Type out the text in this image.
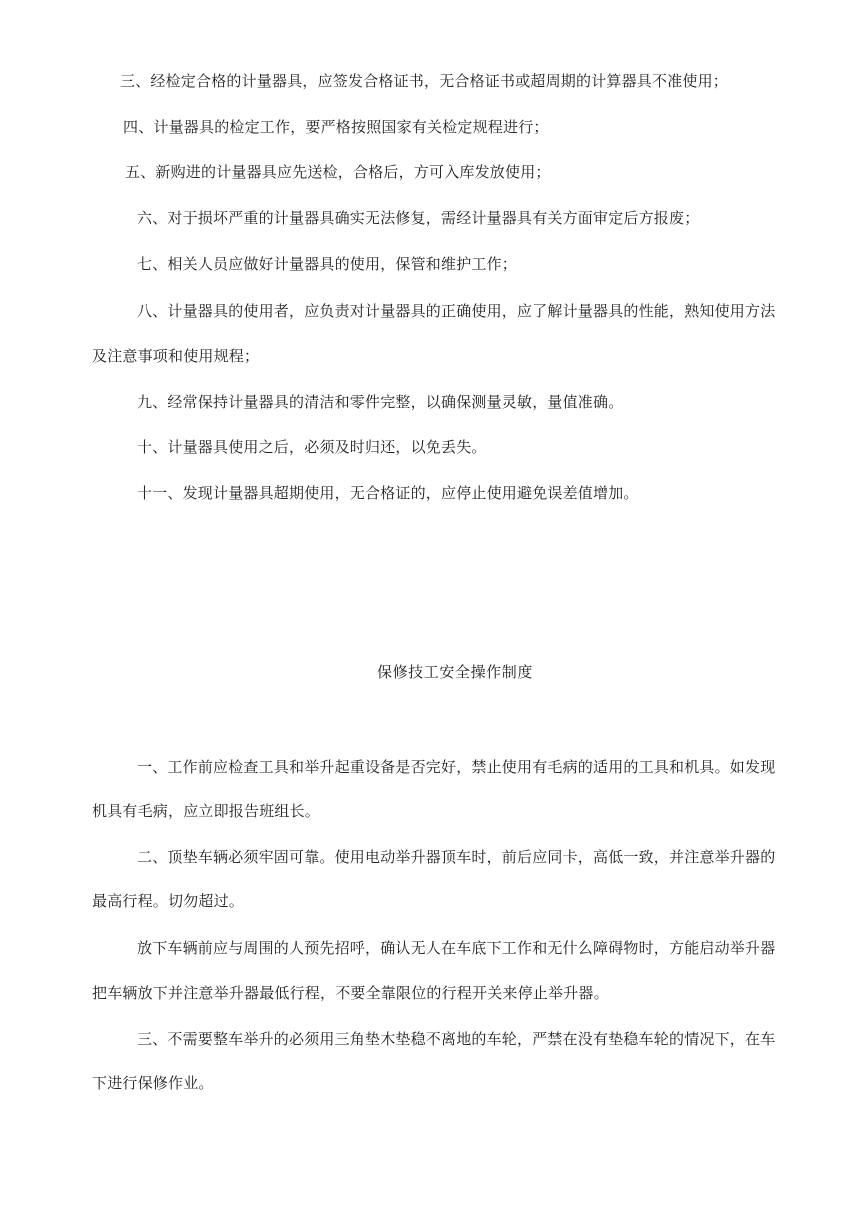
三、经检定合格的计量器具，应签发合格证书，无合格证书或超周期的计算器具不准使用；
四、计量器具的检定工作，要严格按照国家有关检定规程进行；
五、新购进的计量器具应先送检，合格后，方可入库发放使用；
六、对于损坏严重的计量器具确实无法修复，需经计量器具有关方面审定后方报废；
七、相关人员应做好计量器具的使用，保管和维护工作；
八、计量器具的使用者，应负责对计量器具的正确使用，应了解计量器具的性能，熟知使用方法
及注意事项和使用规程；
九、经常保持计量器具的清洁和零件完整，以确保测量灵敏，量值准确。
十、计量器具使用之后，必须及时归还，以免丢失。
十一、发现计量器具超期使用，无合格证的，应停止使用避免误差值增加。
保修技工安全操作制度
一、工作前应检查工具和举升起重设备是否完好，禁止使用有毛病的适用的工具和机具。如发现
机具有毛病，应立即报告班组长。
二、顶垫车辆必须牢固可靠。使用电动举升器顶车时，前后应同卡，高低一致，并注意举升器的
最高行程。切勿超过。
放下车辆前应与周围的人预先招呼，确认无人在车底下工作和无什么障碍物时，方能启动举升器
把车辆放下并注意举升器最低行程，不要全靠限位的行程开关来停止举升器。
三、不需要整车举升的必须用三角垫木垫稳不离地的车轮，严禁在没有垫稳车轮的情况下，在车
下进行保修作业。
